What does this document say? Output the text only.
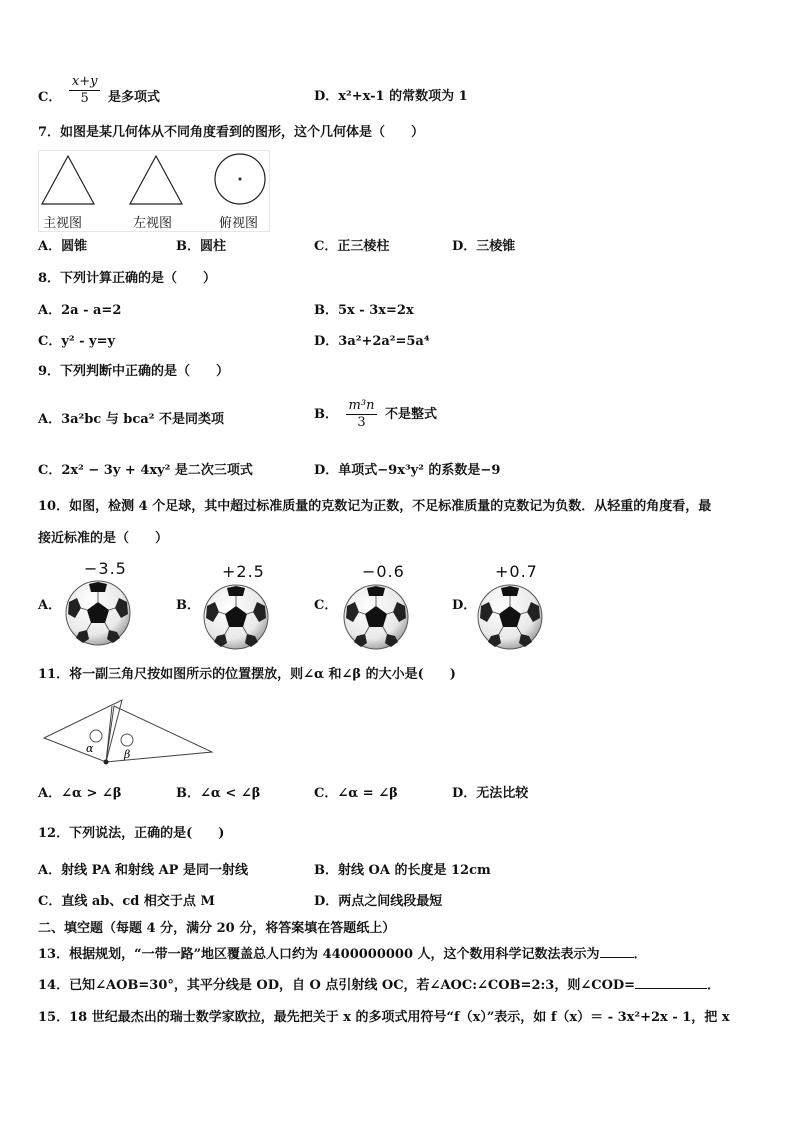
C． $\frac{x+y}{5}$ 是多项式	D．x²+x-1 的常数项为 1
7．如图是某几何体从不同角度看到的图形，这个几何体是（　　）
主视图	左视图	俯视图
A．圆锥	B．圆柱	C．正三棱柱	D．三棱锥
8．下列计算正确的是（　　）
A．2a - a=2	B．5x - 3x=2x
C．y² - y=y	D．3a²+2a²=5a⁴
9．下列判断中正确的是（　　）
A．3a²bc 与 bca² 不是同类项	B． $\frac{\text{m³n}}{3}$ 不是整式
C．2x² − 3y + 4xy² 是二次三项式	D．单项式−9x³y² 的系数是−9
10．如图，检测 4 个足球，其中超过标准质量的克数记为正数，不足标准质量的克数记为负数．从轻重的角度看，最
接近标准的是（　　）
A．	B．	C．	D．
−3.5	+2.5	−0.6	+0.7
11．将一副三角尺按如图所示的位置摆放，则∠α 和∠β 的大小是(　　)
α	β
A．∠α > ∠β	B．∠α < ∠β	C．∠α = ∠β	D．无法比较
12．下列说法，正确的是(　　)
A．射线 PA 和射线 AP 是同一射线	B．射线 OA 的长度是 12cm
C．直线 ab、cd 相交于点 M	D．两点之间线段最短
二、填空题（每题 4 分，满分 20 分，将答案填在答题纸上）
13．根据规划，“一带一路”地区覆盖总人口约为 4400000000 人，这个数用科学记数法表示为	．
14．已知∠AOB=30°，其平分线是 OD，自 O 点引射线 OC，若∠AOC:∠COB=2:3，则∠COD=	．
15．18 世纪最杰出的瑞士数学家欧拉，最先把关于 x 的多项式用符号“f（x）”表示，如 f（x）＝ - 3x²+2x - 1，把 x
